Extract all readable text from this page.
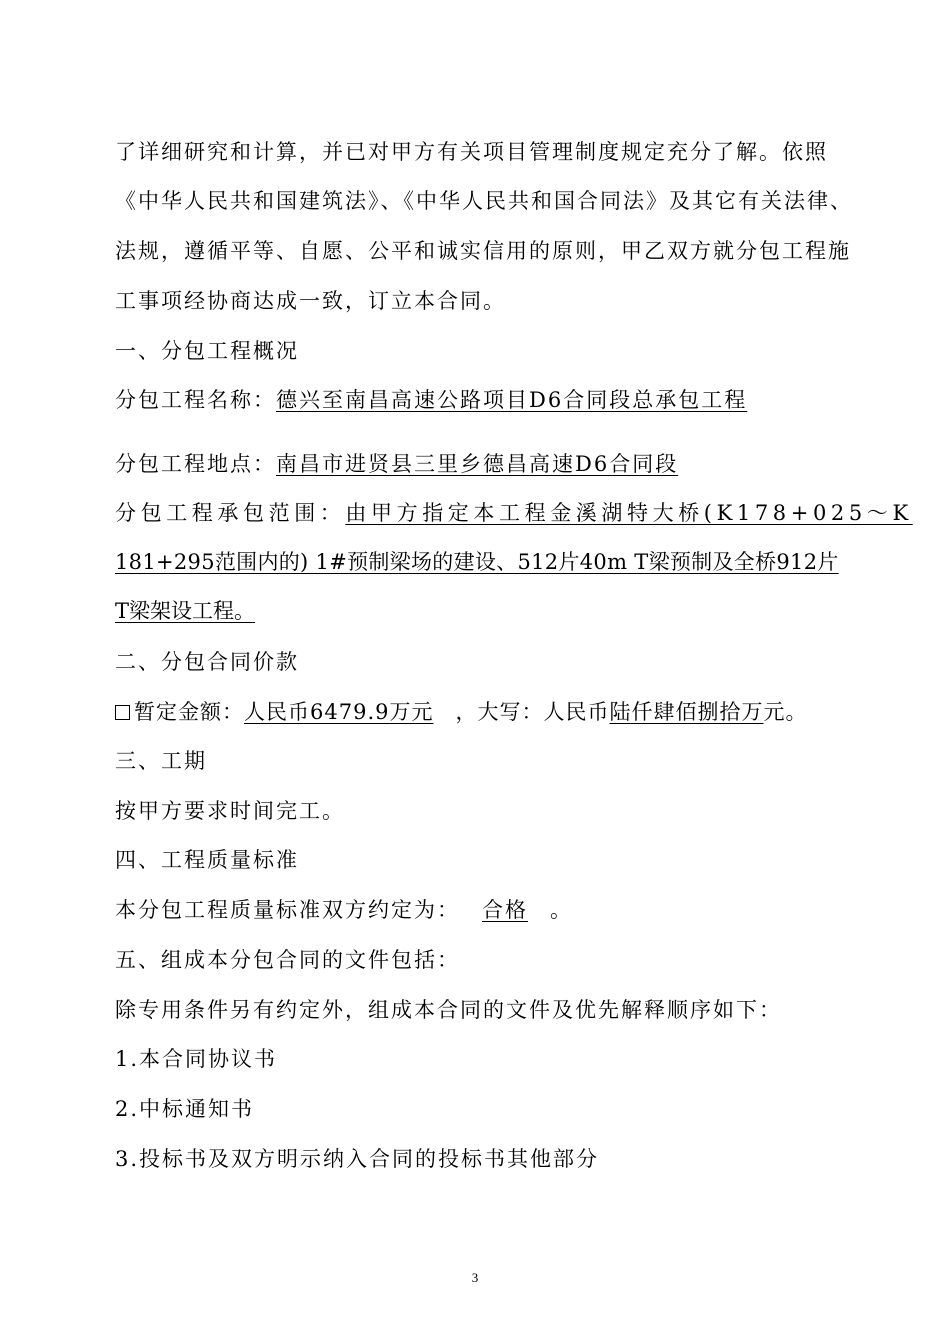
了详细研究和计算，并已对甲方有关项目管理制度规定充分了解。依照
《中华人民共和国建筑法》、《中华人民共和国合同法》及其它有关法律、
法规，遵循平等、自愿、公平和诚实信用的原则，甲乙双方就分包工程施
工事项经协商达成一致，订立本合同。
一、分包工程概况
分包工程名称：德兴至南昌高速公路项目D6合同段总承包工程
分包工程地点：南昌市进贤县三里乡德昌高速D6合同段
分包工程承包范围：由甲方指定本工程金溪湖特大桥(K178+025～K
181+295范围内的) 1#预制梁场的建设、512片40m T梁预制及全桥912片
T梁架设工程。
二、分包合同价款
暂定金额：人民币6479.9万元 ，大写：人民币陆仟肆佰捌拾万元。
三、工期
按甲方要求时间完工。
四、工程质量标准
本分包工程质量标准双方约定为： 合格 。
五、组成本分包合同的文件包括：
除专用条件另有约定外，组成本合同的文件及优先解释顺序如下：
1.本合同协议书
2.中标通知书
3.投标书及双方明示纳入合同的投标书其他部分
3
